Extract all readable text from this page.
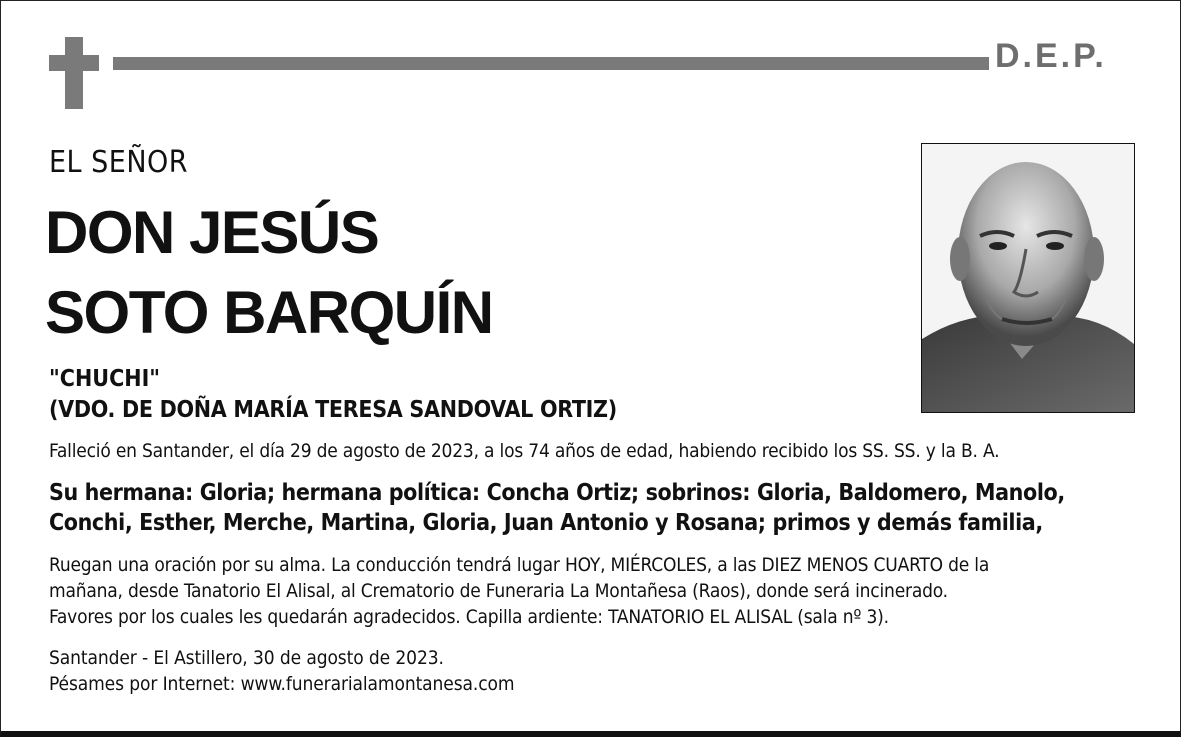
D.E.P.
EL SEÑOR
DON JESÚS
SOTO BARQUÍN
"CHUCHI"
(VDO. DE DOÑA MARÍA TERESA SANDOVAL ORTIZ)
Falleció en Santander, el día 29 de agosto de 2023, a los 74 años de edad, habiendo recibido los SS. SS. y la B. A.
Su hermana: Gloria; hermana política: Concha Ortiz; sobrinos: Gloria, Baldomero, Manolo,
Conchi, Esther, Merche, Martina, Gloria, Juan Antonio y Rosana; primos y demás familia,
Ruegan una oración por su alma. La conducción tendrá lugar HOY, MIÉRCOLES, a las DIEZ MENOS CUARTO de la
mañana, desde Tanatorio El Alisal, al Crematorio de Funeraria La Montañesa (Raos), donde será incinerado.
Favores por los cuales les quedarán agradecidos. Capilla ardiente: TANATORIO EL ALISAL (sala nº 3).
Santander - El Astillero, 30 de agosto de 2023.
Pésames por Internet: www.funerarialamontanesa.com
